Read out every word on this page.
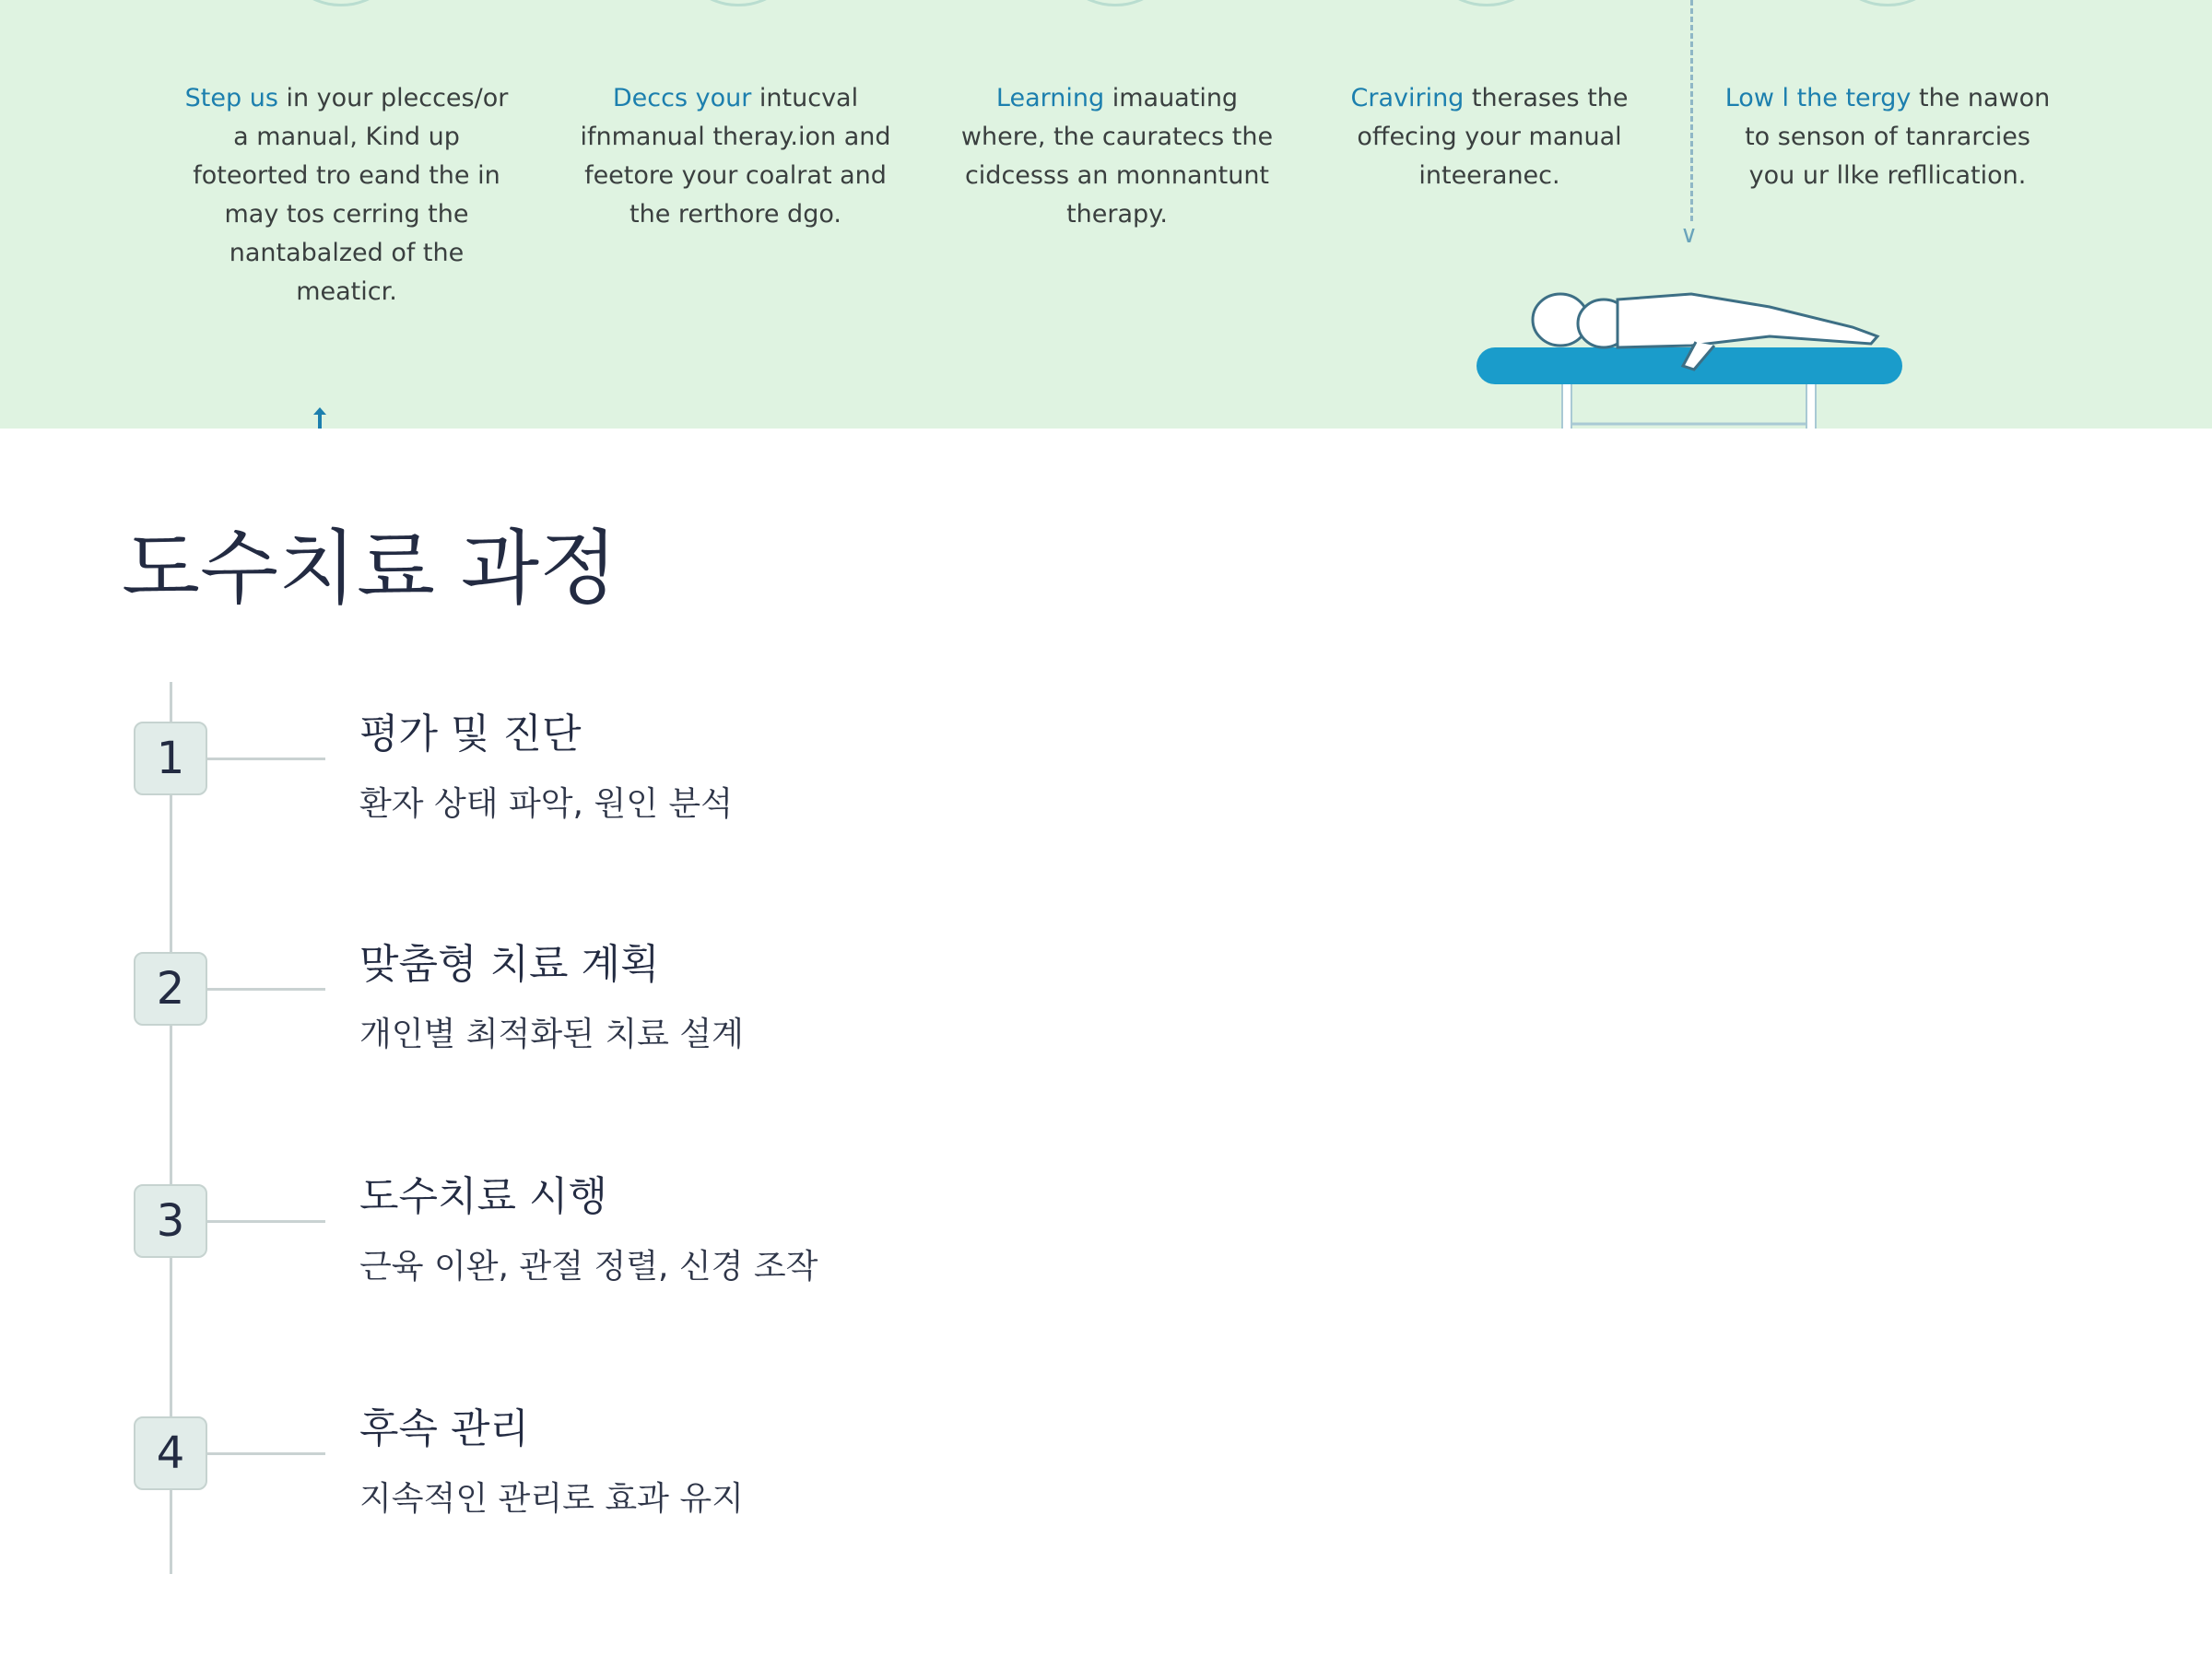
Step us in your plecces/or a manual, Kind up foteorted tro eand the in may tos cerring the nantabalzed of the meaticr.
Deccs your intucval ifnmanual theray.ion and feetore your coalrat and the rerthore dgo.
Learning imauating where, the cauratecs the cidcesss an monnantunt therapy.
Craviring therases the offecing your manual inteeranec.
Low l the tergy the nawon to senson of tanrarcies you ur llke refllication.
∨
도수치료 과정
1	평가 및 진단
환자 상태 파악, 원인 분석
2	맞춤형 치료 계획
개인별 최적화된 치료 설계
3	도수치료 시행
근육 이완, 관절 정렬, 신경 조작
4	후속 관리
지속적인 관리로 효과 유지
